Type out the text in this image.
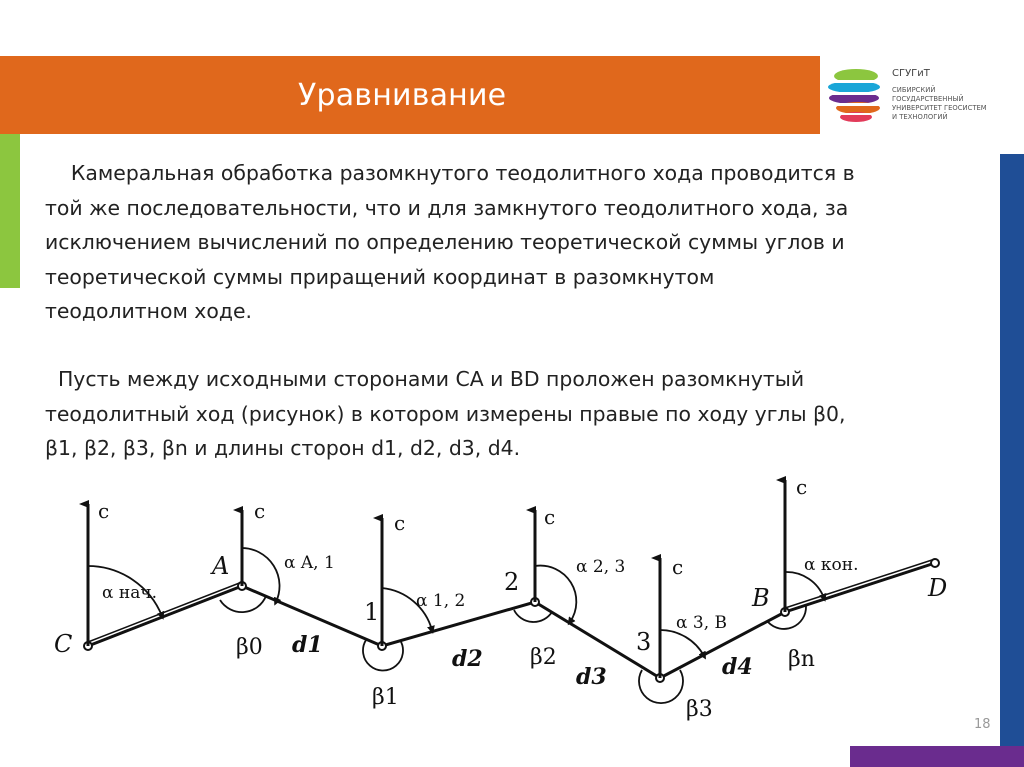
Уравнивание
СГУГиТ
СИБИРСКИЙ ГОСУДАРСТВЕННЫЙ
УНИВЕРСИТЕТ ГЕОСИСТЕМ
И ТЕХНОЛОГИЙ
Камеральная обработка разомкнутого теодолитного хода проводится в
той же последовательности, что и для замкнутого теодолитного хода, за
исключением вычислений по определению теоретической суммы углов и
теоретической суммы приращений координат в разомкнутом
теодолитном ходе.
Пусть между исходными сторонами СА и ВD проложен разомкнутый
теодолитный ход (рисунок) в котором измерены правые по ходу углы β0,
β1, β2, β3, βn и длины сторон d1, d2, d3, d4.
c	c	c	c
c
c
C
A
1
2
3
B	D
α нач.
α A, 1
α 1, 2
α 2, 3
α 3, B
α кон.
β0
β1
β2
β3
βn
d1
d2
d3	d4
18
